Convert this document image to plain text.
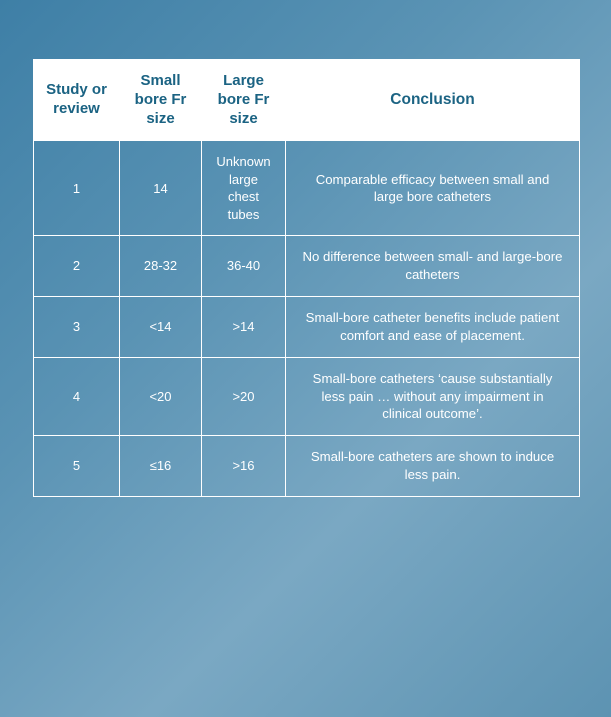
Study or review	Small bore Fr size	Large bore Fr size	Conclusion
1	14	Unknown large chest tubes	Comparable efficacy between small and large bore catheters
2	28-32	36-40	No difference between small- and large-bore catheters
3	<14	>14	Small-bore catheter benefits include patient comfort and ease of placement.
4	<20	>20	Small-bore catheters ‘cause substantially less pain … without any impairment in clinical outcome’.
5	≤16	>16	Small-bore catheters are shown to induce less pain.
